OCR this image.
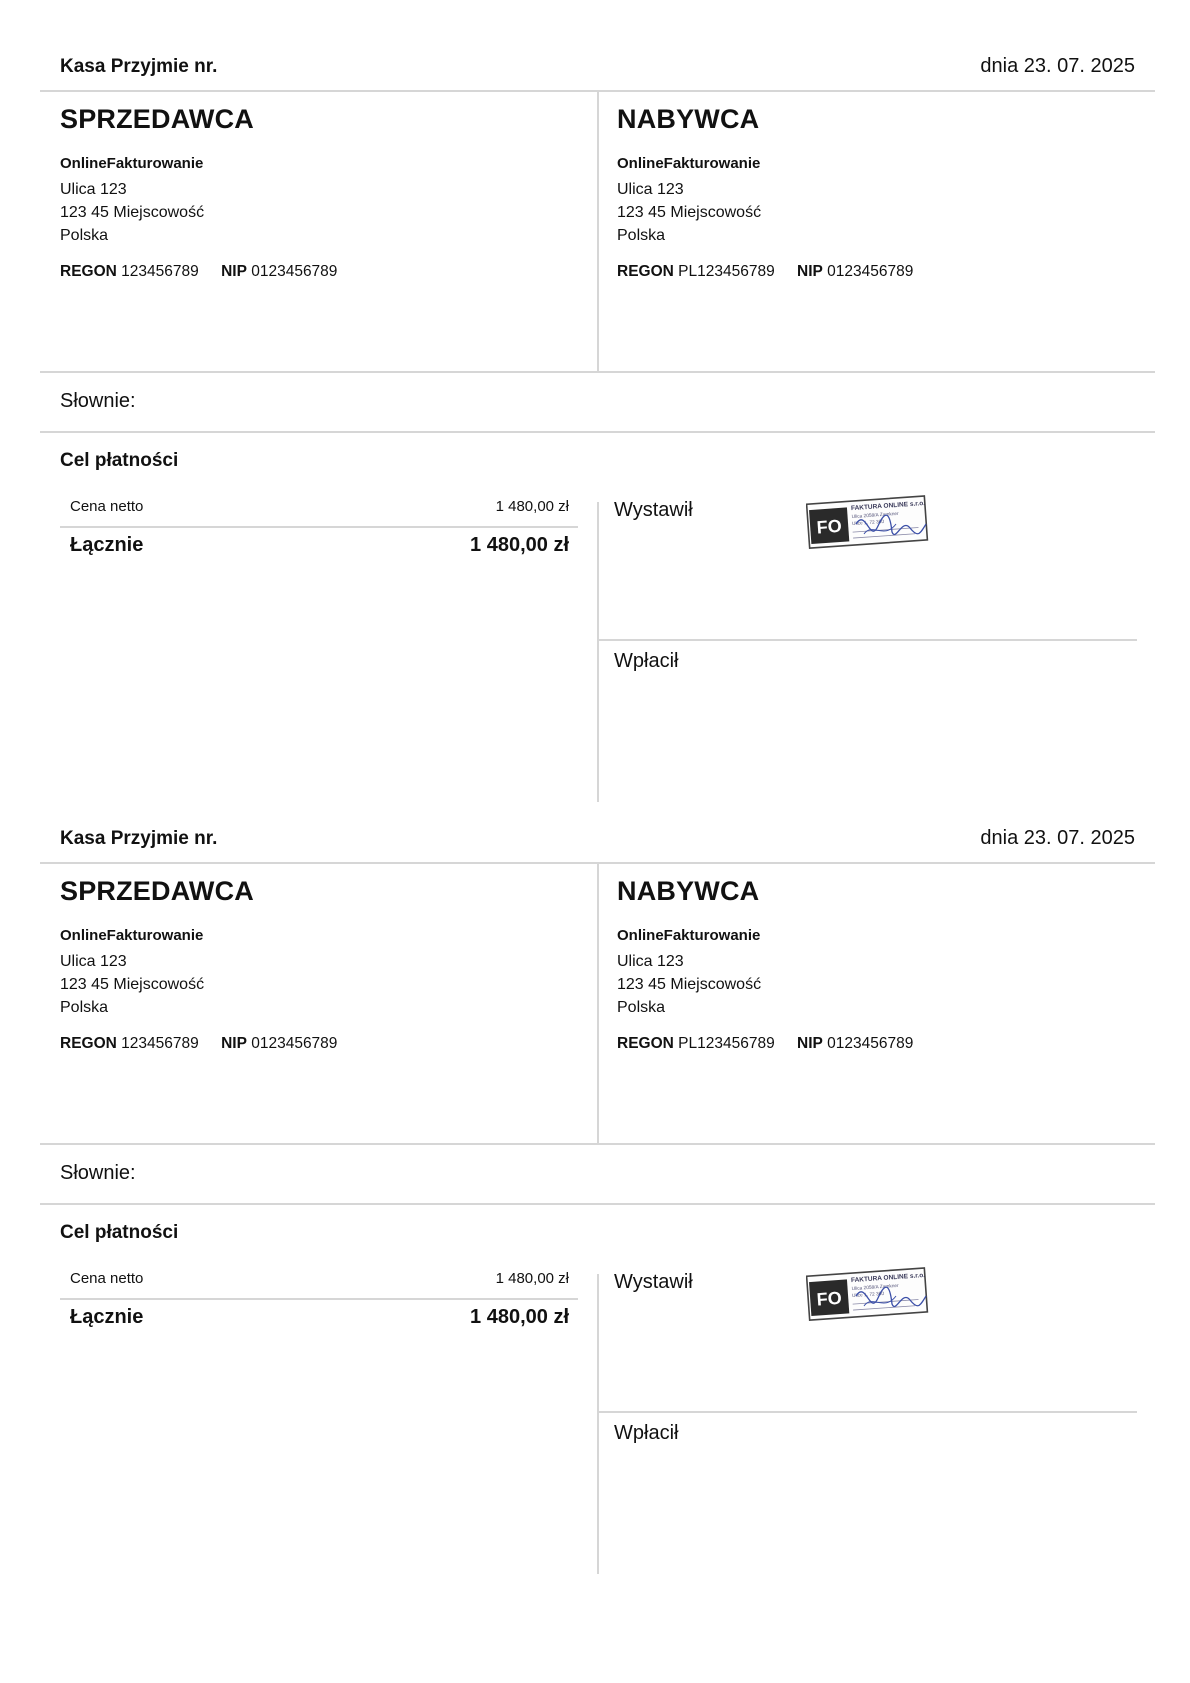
Kasa Przyjmie nr.	dnia 23. 07. 2025
SPRZEDAWCA
OnlineFakturowanie
Ulica 123
123 45 Miejscowość
Polska
REGON 123456789 NIP 0123456789
NABYWCA
OnlineFakturowanie
Ulica 123
123 45 Miejscowość
Polska
REGON PL123456789 NIP 0123456789
Słownie:
Cel płatności
Cena netto	1 480,00 zł
Łącznie	1 480,00 zł
Wystawił
FO
FAKTURA ONLINE s.r.o.
Ulica 2058/A Zamkner
Ulice 1, 72 360
Wpłacił
Kasa Przyjmie nr.	dnia 23. 07. 2025
SPRZEDAWCA
OnlineFakturowanie
Ulica 123
123 45 Miejscowość
Polska
REGON 123456789 NIP 0123456789
NABYWCA
OnlineFakturowanie
Ulica 123
123 45 Miejscowość
Polska
REGON PL123456789 NIP 0123456789
Słownie:
Cel płatności
Cena netto	1 480,00 zł
Łącznie	1 480,00 zł
Wystawił
FO
FAKTURA ONLINE s.r.o.
Ulica 2058/A Zamkner
Ulice 1, 72 360
Wpłacił
